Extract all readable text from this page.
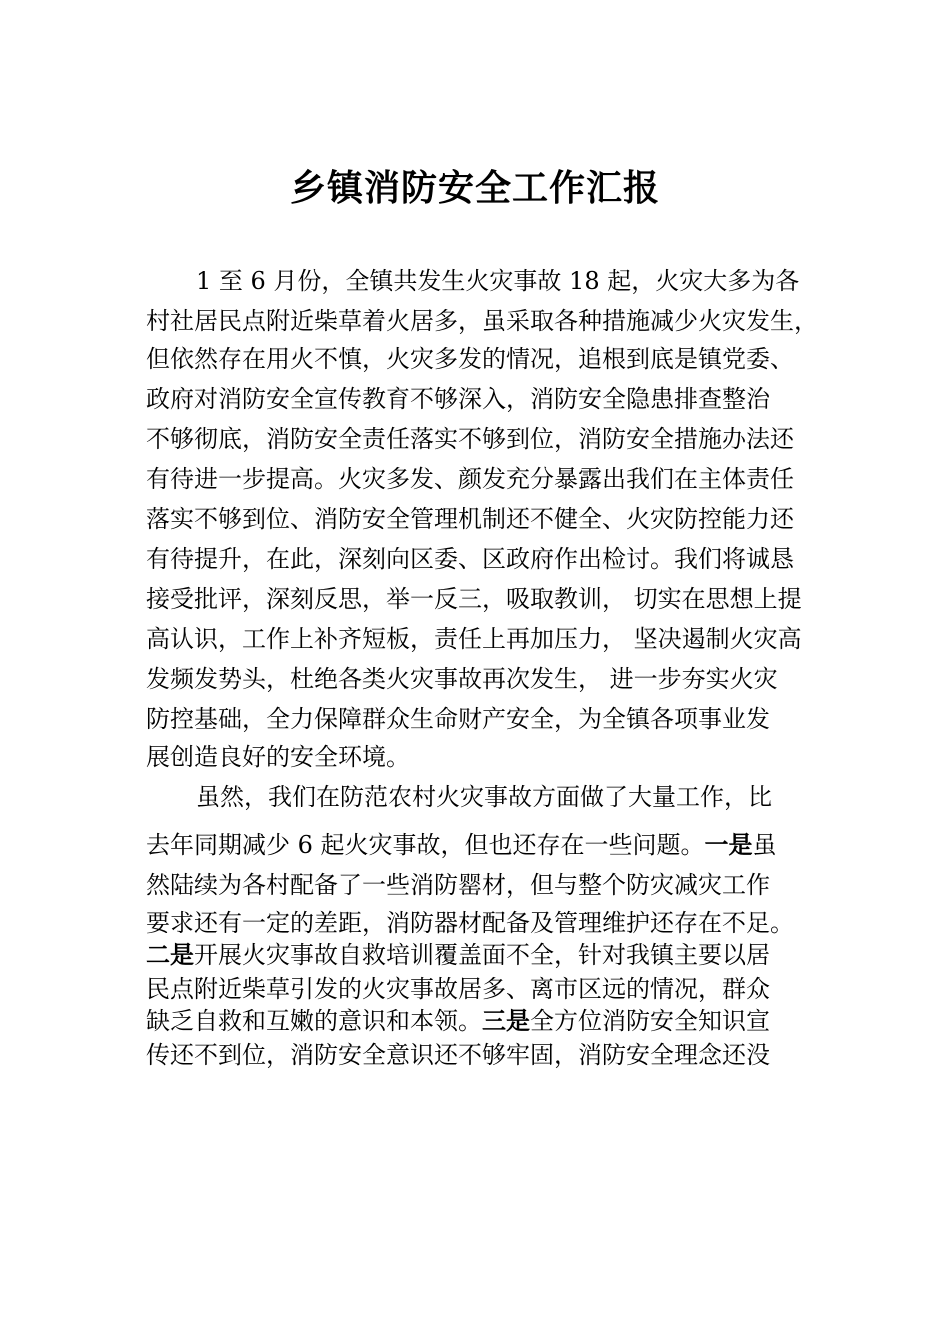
乡镇消防安全工作汇报
1 至 6 月份，全镇共发生火灾事故 18 起，火灾大多为各
村社居民点附近柴草着火居多，虽采取各种措施减少火灾发生，
但依然存在用火不慎，火灾多发的情况，追根到底是镇党委、
政府对消防安全宣传教育不够深入，消防安全隐患排查整治
不够彻底，消防安全责任落实不够到位，消防安全措施办法还
有待进一步提高。火灾多发、颜发充分暴露出我们在主体责任
落实不够到位、消防安全管理机制还不健全、火灾防控能力还
有待提升，在此，深刻向区委、区政府作出检讨。我们将诚恳
接受批评，深刻反思，举一反三，吸取教训， 切实在思想上提
高认识，工作上补齐短板，责任上再加压力， 坚决遏制火灾高
发频发势头，杜绝各类火灾事故再次发生， 进一步夯实火灾
防控基础，全力保障群众生命财产安全，为全镇各项事业发
展创造良好的安全环境。
虽然，我们在防范农村火灾事故方面做了大量工作，比
去年同期减少 6 起火灾事故，但也还存在一些问题。一是虽
然陆续为各村配备了一些消防罂材，但与整个防灾减灾工作
要求还有一定的差距，消防器材配备及管理维护还存在不足。
二是开展火灾事故自救培训覆盖面不全，针对我镇主要以居
民点附近柴草引发的火灾事故居多、离市区远的情况，群众
缺乏自救和互嫩的意识和本领。三是全方位消防安全知识宣
传还不到位，消防安全意识还不够牢固，消防安全理念还没
